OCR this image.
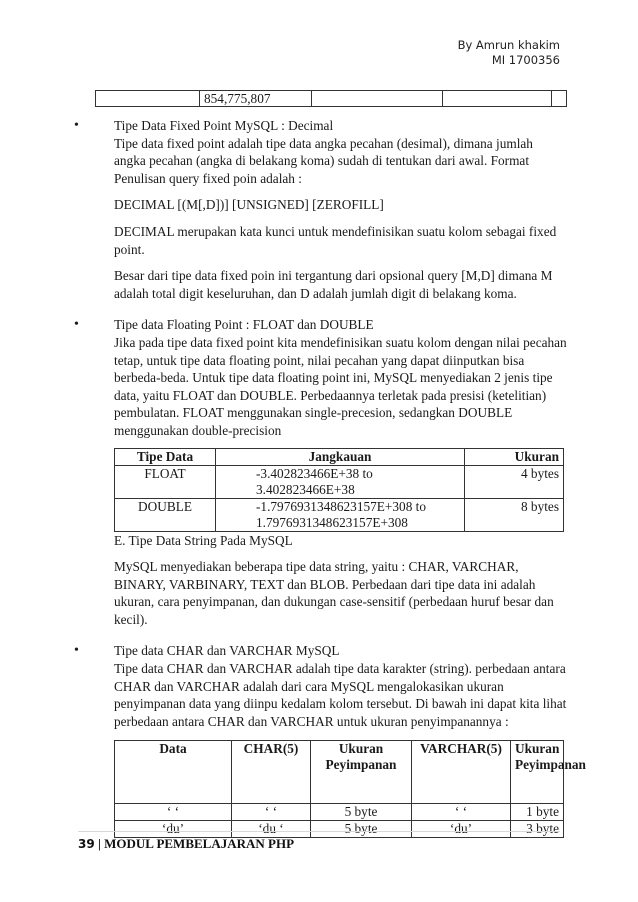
By Amrun khakim
MI 1700356
	854,775,807			
•	Tipe Data Fixed Point MySQL : Decimal

Tipe data fixed point adalah tipe data angka pecahan (desimal), dimana jumlah angka pecahan (angka di belakang koma) sudah di tentukan dari awal. Format Penulisan query fixed poin adalah :

DECIMAL [(M[,D])] [UNSIGNED] [ZEROFILL]

DECIMAL merupakan kata kunci untuk mendefinisikan suatu kolom sebagai fixed point.

Besar dari tipe data fixed poin ini tergantung dari opsional query [M,D] dimana M adalah total digit keseluruhan, dan D adalah jumlah digit di belakang koma.

•	Tipe data Floating Point : FLOAT dan DOUBLE

Jika pada tipe data fixed point kita mendefinisikan suatu kolom dengan nilai pecahan tetap, untuk tipe data floating point, nilai pecahan yang dapat diinputkan bisa berbeda-beda. Untuk tipe data floating point ini, MySQL menyediakan 2 jenis tipe data, yaitu FLOAT dan DOUBLE. Perbedaannya terletak pada presisi (ketelitian) pembulatan. FLOAT menggunakan single-precesion, sedangkan DOUBLE menggunakan double-precision

Tipe Data	Jangkauan	Ukuran
FLOAT	-3.402823466E+38 to 3.402823466E+38	4 bytes
DOUBLE	-1.7976931348623157E+308 to 1.7976931348623157E+308	8 bytes

E. Tipe Data String Pada MySQL

MySQL menyediakan beberapa tipe data string, yaitu : CHAR, VARCHAR, BINARY, VARBINARY, TEXT dan BLOB. Perbedaan dari tipe data ini adalah ukuran, cara penyimpanan, dan dukungan case-sensitif (perbedaan huruf besar dan kecil).

•	Tipe data CHAR dan VARCHAR MySQL

Tipe data CHAR dan VARCHAR adalah tipe data karakter (string). perbedaan antara CHAR dan VARCHAR adalah dari cara MySQL mengalokasikan ukuran penyimpanan data yang diinpu kedalam kolom tersebut. Di bawah ini dapat kita lihat perbedaan antara CHAR dan VARCHAR untuk ukuran penyimpanannya :

Data	CHAR(5)	Ukuran Peyimpanan	VARCHAR(5)	Ukuran Peyimpanan
‘ ‘	‘ ‘	5 byte	‘ ‘	1 byte
‘du’	‘du ‘	5 byte	‘du’	3 byte
39 | MODUL PEMBELAJARAN PHP
